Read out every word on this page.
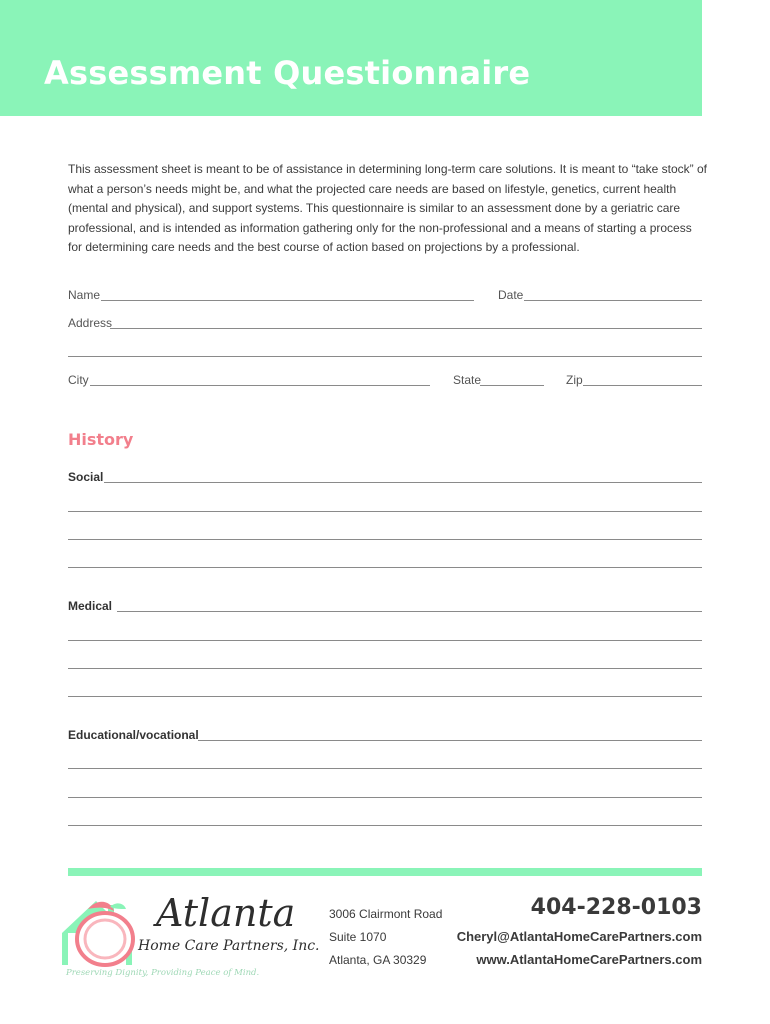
Assessment Questionnaire

This assessment sheet is meant to be of assistance in determining long-term care solutions. It is meant to “take stock” of what a person’s needs might be, and what the projected care needs are based on lifestyle, genetics, current health (mental and physical), and support systems. This questionnaire is similar to an assessment done by a geriatric care professional, and is intended as information gathering only for the non-professional and a means of starting a process for determining care needs and the best course of action based on projections by a professional.

Name	Date
Address
City	State	Zip
History
Social
Medical
Educational/vocational
Atlanta
Home Care Partners, Inc.
Preserving Dignity, Providing Peace of Mind.
3006 Clairmont Road
Suite 1070
Atlanta, GA 30329
404-228-0103
Cheryl@AtlantaHomeCarePartners.com
www.AtlantaHomeCarePartners.com
